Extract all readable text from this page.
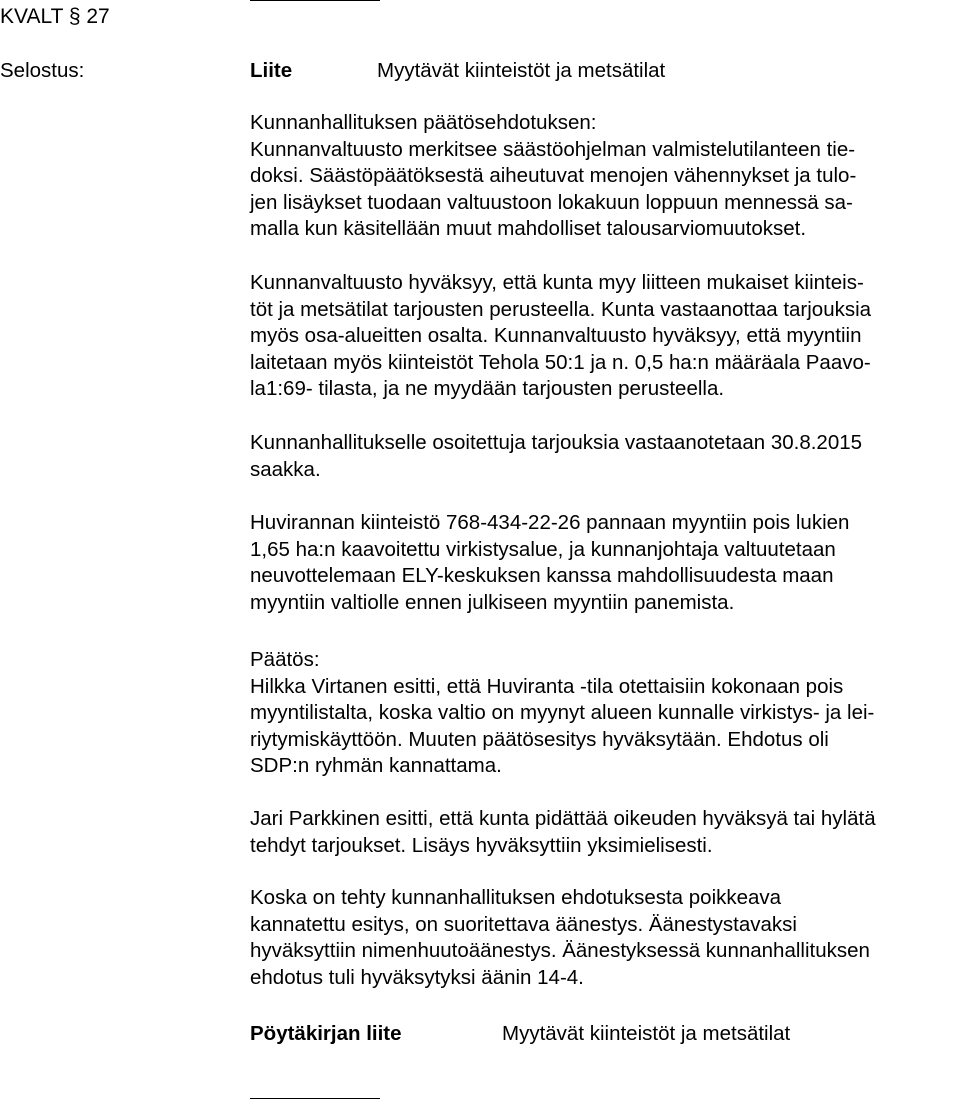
KVALT § 27
Selostus:	Liite	Myytävät kiinteistöt ja metsätilat
Kunnanhallituksen päätösehdotuksen:
Kunnanvaltuusto merkitsee säästöohjelman valmistelutilanteen tie-
doksi. Säästöpäätöksestä aiheutuvat menojen vähennykset ja tulo-
jen lisäykset tuodaan valtuustoon lokakuun loppuun mennessä sa-
malla kun käsitellään muut mahdolliset talousarviomuutokset.
Kunnanvaltuusto hyväksyy, että kunta myy liitteen mukaiset kiinteis-
töt ja metsätilat tarjousten perusteella. Kunta vastaanottaa tarjouksia
myös osa-alueitten osalta. Kunnanvaltuusto hyväksyy, että myyntiin
laitetaan myös kiinteistöt Tehola 50:1 ja n. 0,5 ha:n määräala Paavo-
la1:69- tilasta, ja ne myydään tarjousten perusteella.
Kunnanhallitukselle osoitettuja tarjouksia vastaanotetaan 30.8.2015
saakka.
Huvirannan kiinteistö 768-434-22-26 pannaan myyntiin pois lukien
1,65 ha:n kaavoitettu virkistysalue, ja kunnanjohtaja valtuutetaan
neuvottelemaan ELY-keskuksen kanssa mahdollisuudesta maan
myyntiin valtiolle ennen julkiseen myyntiin panemista.
Päätös:
Hilkka Virtanen esitti, että Huviranta -tila otettaisiin kokonaan pois
myyntilistalta, koska valtio on myynyt alueen kunnalle virkistys- ja lei-
riytymiskäyttöön. Muuten päätösesitys hyväksytään. Ehdotus oli
SDP:n ryhmän kannattama.
Jari Parkkinen esitti, että kunta pidättää oikeuden hyväksyä tai hylätä
tehdyt tarjoukset. Lisäys hyväksyttiin yksimielisesti.
Koska on tehty kunnanhallituksen ehdotuksesta poikkeava
kannatettu esitys, on suoritettava äänestys. Äänestystavaksi
hyväksyttiin nimenhuutoäänestys. Äänestyksessä kunnanhallituksen
ehdotus tuli hyväksytyksi äänin 14-4.
Pöytäkirjan liite	Myytävät kiinteistöt ja metsätilat
